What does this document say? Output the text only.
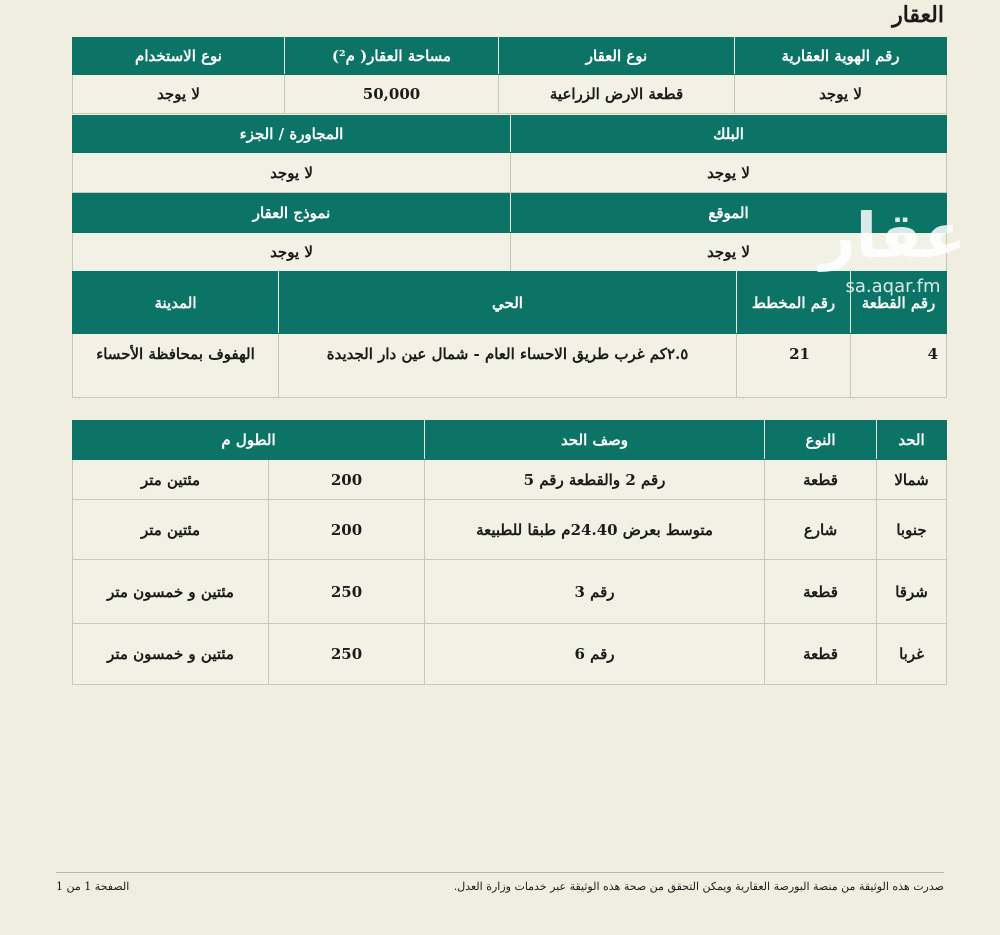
العقار
رقم الهوية العقارية	نوع العقار	مساحة العقار( م²)	نوع الاستخدام
لا يوجد	قطعة الارض الزراعية	50,000	لا يوجد
البلك	المجاورة / الجزء
لا يوجد	لا يوجد
الموقع	نموذج العقار
لا يوجد	لا يوجد
رقم القطعة	رقم المخطط	الحي	المدينة
4	21	٢.٥كم غرب طريق الاحساء العام - شمال عين دار الجديدة	الهفوف بمحافظة الأحساء
الحد	النوع	وصف الحد	الطول م	
شمالا	قطعة	رقم 2 والقطعة رقم 5	200	مئتين متر
جنوبا	شارع	متوسط بعرض 24.40م طبقا للطبيعة	200	مئتين متر
شرقا	قطعة	رقم 3	250	مئتين و خمسون متر
غربا	قطعة	رقم 6	250	مئتين و خمسون متر
عقار
sa.aqar.fm
صدرت هذه الوثيقة من منصة البورصة العقارية ويمكن التحقق من صحة هذه الوثيقة عبر خدمات وزارة العدل.
الصفحة 1 من 1
